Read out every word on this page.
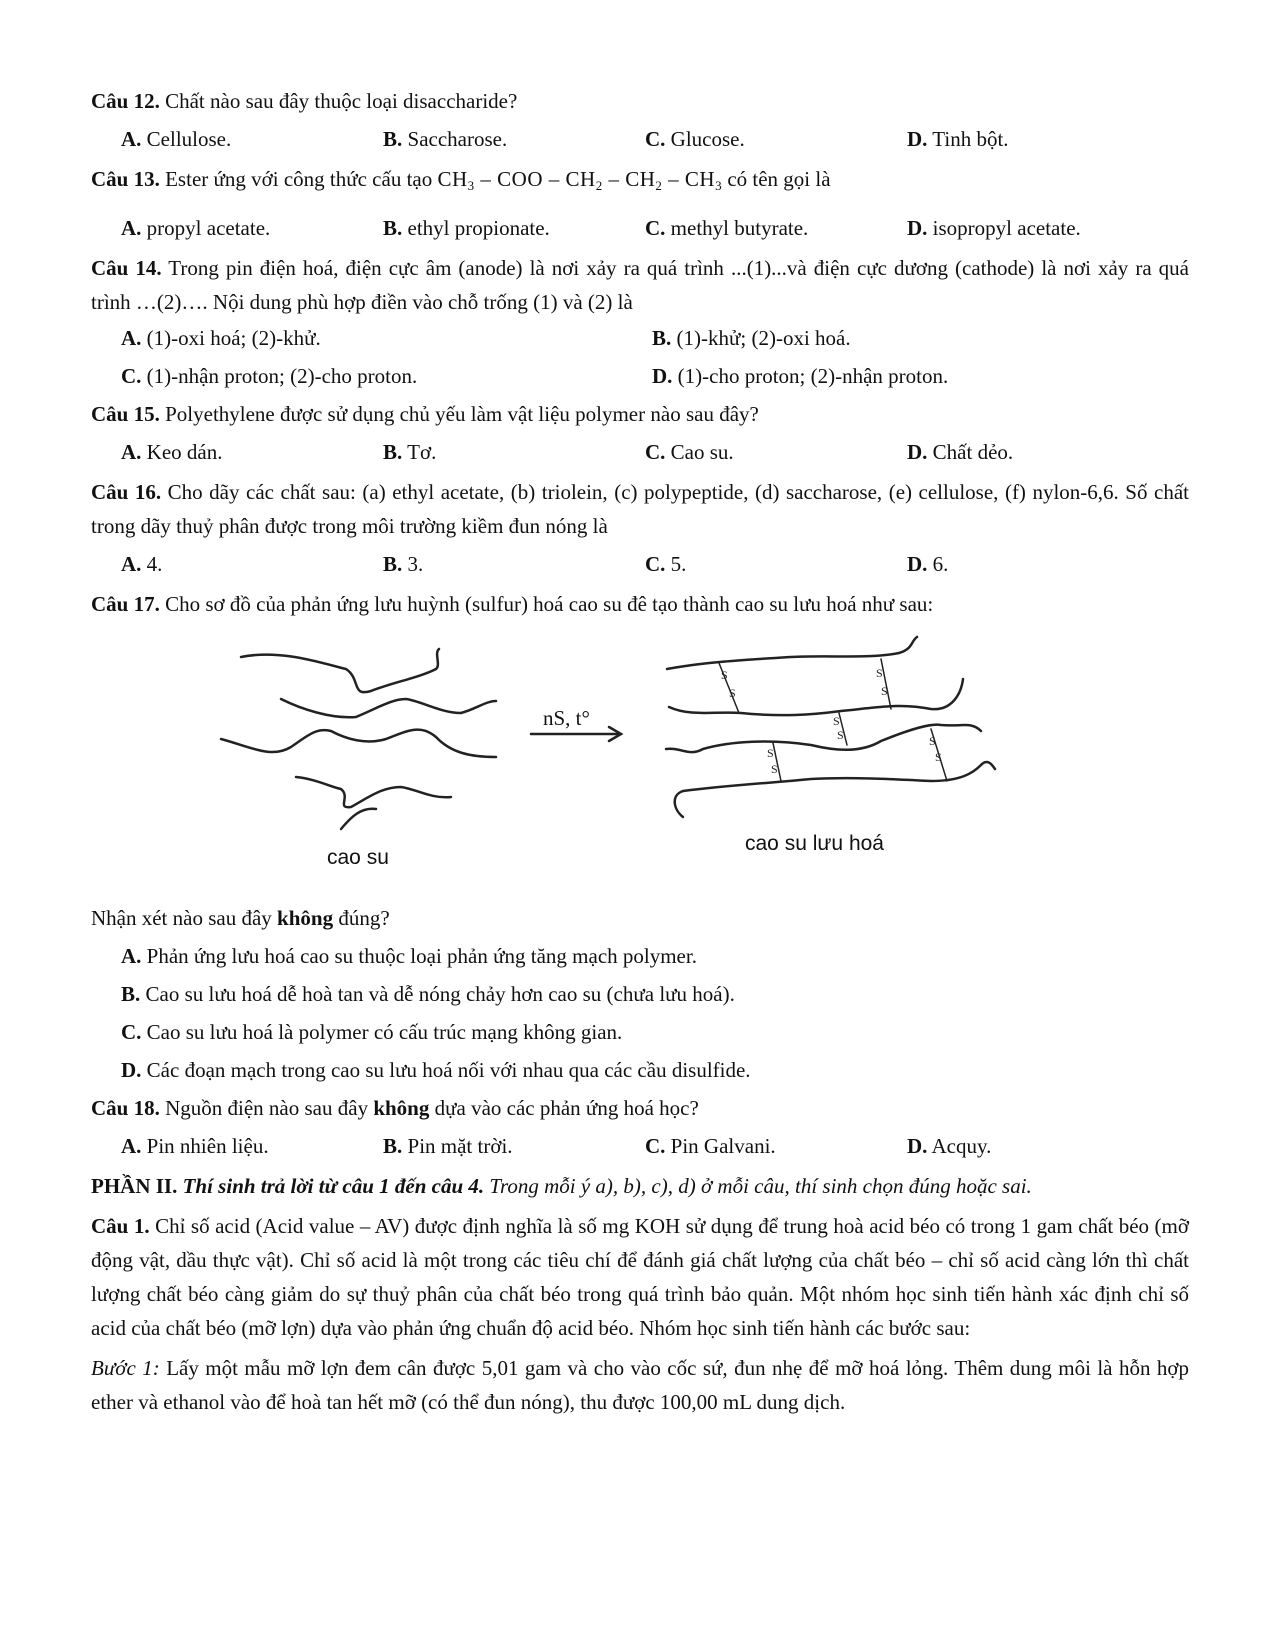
Câu 12. Chất nào sau đây thuộc loại disaccharide?

A. Cellulose.	B. Saccharose.	C. Glucose.	D. Tinh bột.

Câu 13. Ester ứng với công thức cấu tạo $CH_3$ – COO – $CH_2 - CH_2 - CH_3$ có tên gọi là

A. propyl acetate.	B. ethyl propionate.	C. methyl butyrate.	D. isopropyl acetate.

Câu 14. Trong pin điện hoá, điện cực âm (anode) là nơi xảy ra quá trình ...(1)...và điện cực dương (cathode) là nơi xảy ra quá trình …(2)…. Nội dung phù hợp điền vào chỗ trống (1) và (2) là

A. (1)-oxi hoá; (2)-khử.	B. (1)-khử; (2)-oxi hoá.
C. (1)-nhận proton; (2)-cho proton.	D. (1)-cho proton; (2)-nhận proton.

Câu 15. Polyethylene được sử dụng chủ yếu làm vật liệu polymer nào sau đây?

A. Keo dán.	B. Tơ.	C. Cao su.	D. Chất dẻo.

Câu 16. Cho dãy các chất sau: (a) ethyl acetate, (b) triolein, (c) polypeptide, (d) saccharose, (e) cellulose, (f) nylon-6,6. Số chất trong dãy thuỷ phân được trong môi trường kiềm đun nóng là

A. 4.	B. 3.	C. 5.	D. 6.

Câu 17. Cho sơ đồ của phản ứng lưu huỳnh (sulfur) hoá cao su đê tạo thành cao su lưu hoá như sau:

S
S
S
S
S
S
S
S
S
S
nS, t°
cao su
cao su lưu hoá

Nhận xét nào sau đây không đúng?

A. Phản ứng lưu hoá cao su thuộc loại phản ứng tăng mạch polymer.
B. Cao su lưu hoá dễ hoà tan và dễ nóng chảy hơn cao su (chưa lưu hoá).
C. Cao su lưu hoá là polymer có cấu trúc mạng không gian.
D. Các đoạn mạch trong cao su lưu hoá nối với nhau qua các cầu disulfide.

Câu 18. Nguồn điện nào sau đây không dựa vào các phản ứng hoá học?

A. Pin nhiên liệu.	B. Pin mặt trời.	C. Pin Galvani.	D. Acquy.

PHẦN II. Thí sinh trả lời từ câu 1 đến câu 4. Trong mỗi ý a), b), c), d) ở mỗi câu, thí sinh chọn đúng hoặc sai.

Câu 1. Chỉ số acid (Acid value – AV) được định nghĩa là số mg KOH sử dụng để trung hoà acid béo có trong 1 gam chất béo (mỡ động vật, dầu thực vật). Chỉ số acid là một trong các tiêu chí để đánh giá chất lượng của chất béo – chỉ số acid càng lớn thì chất lượng chất béo càng giảm do sự thuỷ phân của chất béo trong quá trình bảo quản. Một nhóm học sinh tiến hành xác định chỉ số acid của chất béo (mỡ lợn) dựa vào phản ứng chuẩn độ acid béo. Nhóm học sinh tiến hành các bước sau:

Bước 1: Lấy một mẫu mỡ lợn đem cân được 5,01 gam và cho vào cốc sứ, đun nhẹ để mỡ hoá lỏng. Thêm dung môi là hỗn hợp ether và ethanol vào để hoà tan hết mỡ (có thể đun nóng), thu được 100,00 mL dung dịch.
